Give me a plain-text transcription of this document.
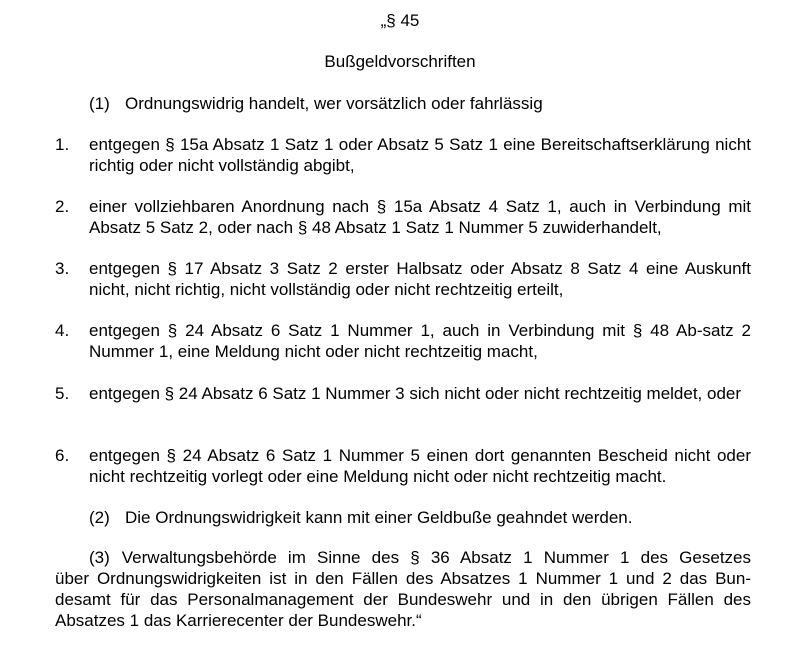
„§ 45
Bußgeldvorschriften
(1) Ordnungswidrig handelt, wer vorsätzlich oder fahrlässig
1. entgegen § 15a Absatz 1 Satz 1 oder Absatz 5 Satz 1 eine Bereitschaftserklärung nicht richtig oder nicht vollständig abgibt,
2. einer vollziehbaren Anordnung nach § 15a Absatz 4 Satz 1, auch in Verbindung mit Absatz 5 Satz 2, oder nach § 48 Absatz 1 Satz 1 Nummer 5 zuwiderhandelt,
3. entgegen § 17 Absatz 3 Satz 2 erster Halbsatz oder Absatz 8 Satz 4 eine Auskunft nicht, nicht richtig, nicht vollständig oder nicht rechtzeitig erteilt,
4. entgegen § 24 Absatz 6 Satz 1 Nummer 1, auch in Verbindung mit § 48 Ab-satz 2 Nummer 1, eine Meldung nicht oder nicht rechtzeitig macht,
5. entgegen § 24 Absatz 6 Satz 1 Nummer 3 sich nicht oder nicht rechtzeitig meldet, oder
6. entgegen § 24 Absatz 6 Satz 1 Nummer 5 einen dort genannten Bescheid nicht oder nicht rechtzeitig vorlegt oder eine Meldung nicht oder nicht rechtzeitig macht.
(2) Die Ordnungswidrigkeit kann mit einer Geldbuße geahndet werden.
(3) Verwaltungsbehörde im Sinne des § 36 Absatz 1 Nummer 1 des Gesetzes
über Ordnungswidrigkeiten ist in den Fällen des Absatzes 1 Nummer 1 und 2 das Bun-
desamt für das Personalmanagement der Bundeswehr und in den übrigen Fällen des
Absatzes 1 das Karrierecenter der Bundeswehr.“
